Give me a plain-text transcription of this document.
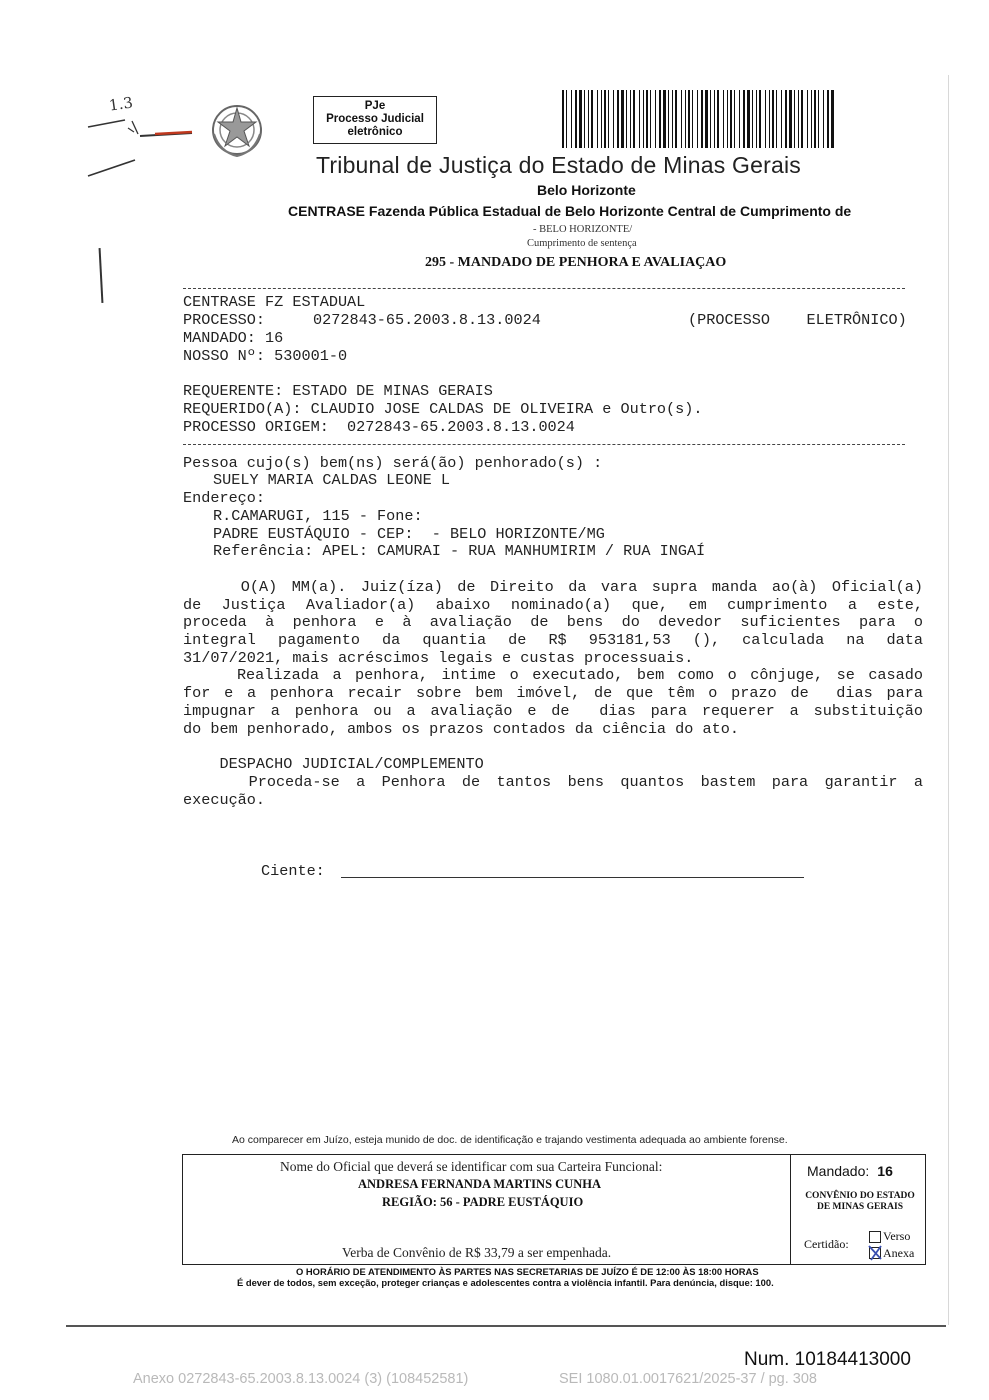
1.3	PJe
Processo Judicial
eletrônico
Tribunal de Justiça do Estado de Minas Gerais
Belo Horizonte
CENTRASE Fazenda Pública Estadual de Belo Horizonte Central de Cumprimento de
- BELO HORIZONTE/
Cumprimento de sentença
295 - MANDADO DE PENHORA E AVALIAÇAO
CENTRASE FZ ESTADUAL
PROCESSO:	0272843-65.2003.8.13.0024	(PROCESSO    ELETRÔNICO)
MANDADO: 16
NOSSO Nº: 530001-0
REQUERENTE: ESTADO DE MINAS GERAIS
REQUERIDO(A): CLAUDIO JOSE CALDAS DE OLIVEIRA e Outro(s).
PROCESSO ORIGEM:  0272843-65.2003.8.13.0024
Pessoa cujo(s) bem(ns) será(ão) penhorado(s) :
SUELY MARIA CALDAS LEONE L
Endereço:
R.CAMARUGI, 115 - Fone:
PADRE EUSTÁQUIO - CEP:  - BELO HORIZONTE/MG
Referência: APEL: CAMURAI - RUA MANHUMIRIM / RUA INGAÍ
O(A) MM(a). Juiz(íza) de Direito da vara supra manda ao(à) Oficial(a)
de Justiça Avaliador(a) abaixo nominado(a) que, em cumprimento a este,
proceda à penhora e à avaliação de bens do devedor suficientes para o
integral pagamento da quantia de R$ 953181,53 (), calculada na data
31/07/2021, mais acréscimos legais e custas processuais.
Realizada a penhora, intime o executado, bem como o cônjuge, se casado
for e a penhora recair sobre bem imóvel, de que têm o prazo de  dias para
impugnar a penhora ou a avaliação e de  dias para requerer a substituição
do bem penhorado, ambos os prazos contados da ciência do ato.
DESPACHO JUDICIAL/COMPLEMENTO
Proceda-se a Penhora de tantos bens quantos bastem para garantir a
execução.
Ciente:
Ao comparecer em Juízo, esteja munido de doc. de identificação e trajando vestimenta adequada ao ambiente forense.
Nome do Oficial que deverá se identificar com sua Carteira Funcional:
ANDRESA FERNANDA MARTINS CUNHA
REGIÃO: 56 - PADRE EUSTÁQUIO
Verba de Convênio de R$ 33,79 a ser empenhada.
Mandado: 16
CONVÊNIO DO ESTADO
DE MINAS GERAIS
Certidão:
Verso
Anexa
O HORÁRIO DE ATENDIMENTO ÀS PARTES NAS SECRETARIAS DE JUÍZO É DE 12:00 ÀS 18:00 HORAS
É dever de todos, sem exceção, proteger crianças e adolescentes contra a violência infantil. Para denúncia, disque: 100.
Num. 10184413000
Anexo 0272843-65.2003.8.13.0024 (3) (108452581)	SEI 1080.01.0017621/2025-37 / pg. 308
